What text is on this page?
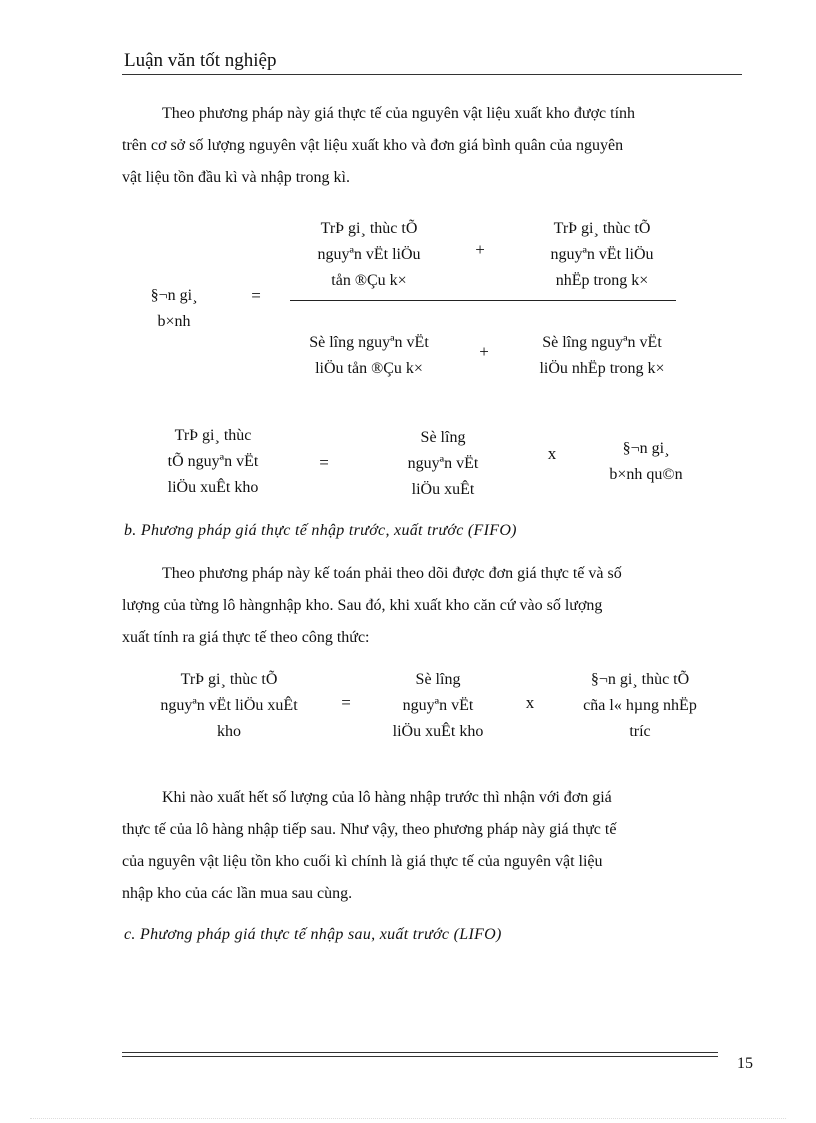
Luận văn tốt nghiệp
Theo phương pháp này giá thực tế của nguyên vật liệu xuất kho được tính
trên cơ sở số lượng nguyên vật liệu xuất kho và đơn giá bình quân của nguyên
vật liệu tồn đầu kì và nhập trong kì.
§¬n gi¸
b×nh
=
TrÞ gi¸ thùc tÕ
nguyªn vËt liÖu
tån ®Çu k×
+
TrÞ gi¸ thùc tÕ
nguyªn vËt liÖu
nhËp trong k×
Sè lîng nguyªn vËt
liÖu tån ®Çu k×
+	Sè lîng nguyªn vËt
liÖu nhËp trong k×
TrÞ gi¸ thùc
tÕ nguyªn vËt
liÖu xuÊt kho
=
Sè lîng
nguyªn vËt
liÖu xuÊt
x	§¬n gi¸
b×nh qu©n
b. Phương pháp giá thực tế nhập trước, xuất trước (FIFO)
Theo phương pháp này kế toán phải theo dõi được đơn giá thực tế và số
lượng của từng lô hàngnhập kho. Sau đó, khi xuất kho căn cứ vào số lượng
xuất tính ra giá thực tế theo công thức:
TrÞ gi¸ thùc tÕ
nguyªn vËt liÖu xuÊt
kho
=
Sè lîng
nguyªn vËt
liÖu xuÊt kho
x
§¬n gi¸ thùc tÕ
cña l« hµng nhËp
tríc
Khi nào xuất hết số lượng của lô hàng nhập trước thì nhận với đơn giá
thực tế của lô hàng nhập tiếp sau. Như vậy, theo phương pháp này giá thực tế
của nguyên vật liệu tồn kho cuối kì chính là giá thực tế của nguyên vật liệu
nhập kho của các lần mua sau cùng.
c. Phương pháp giá thực tế nhập sau, xuất trước (LIFO)
15
